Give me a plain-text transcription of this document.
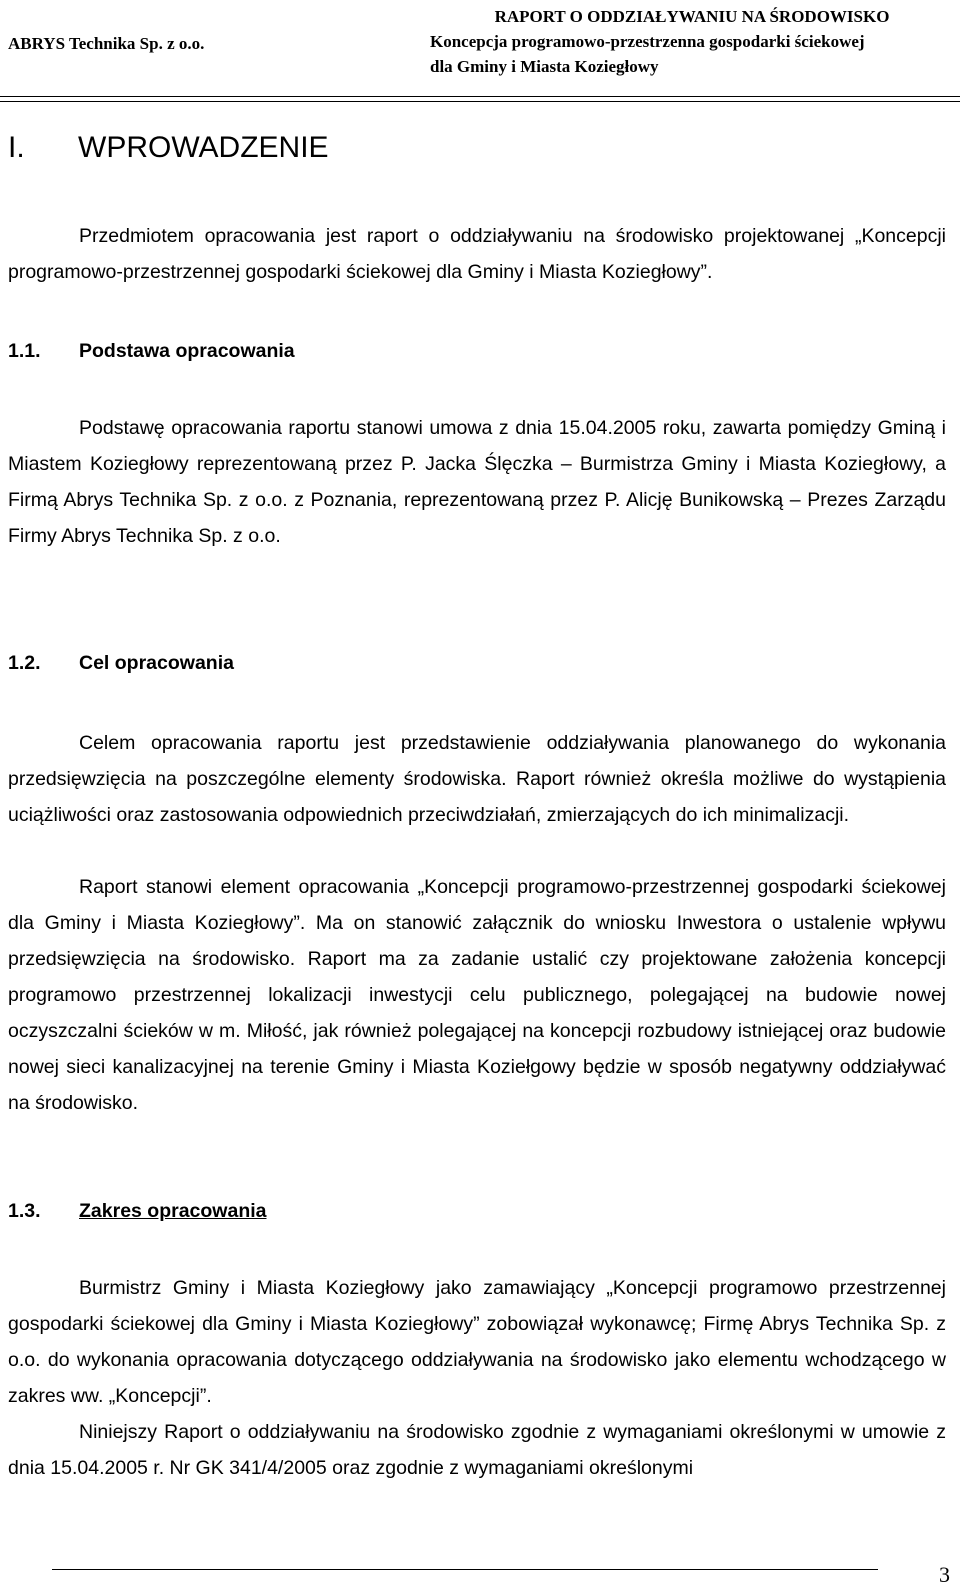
ABRYS Technika Sp. z o.o.
RAPORT O ODDZIAŁYWANIU NA ŚRODOWISKO
Koncepcja programowo-przestrzenna gospodarki ściekowej
dla Gminy i Miasta Koziegłowy
I. WPROWADZENIE

Przedmiotem opracowania jest raport o oddziaływaniu na środowisko projektowanej „Koncepcji programowo-przestrzennej gospodarki ściekowej dla Gminy i Miasta Koziegłowy”.

1.1. Podstawa opracowania

Podstawę opracowania raportu stanowi umowa z dnia 15.04.2005 roku, zawarta pomiędzy Gminą i Miastem Koziegłowy reprezentowaną przez P. Jacka Ślęczka – Burmistrza Gminy i Miasta Koziegłowy, a Firmą Abrys Technika Sp. z o.o. z Poznania, reprezentowaną przez P. Alicję Bunikowską – Prezes Zarządu Firmy Abrys Technika Sp. z o.o.

1.2. Cel opracowania

Celem opracowania raportu jest przedstawienie oddziaływania planowanego do wykonania przedsięwzięcia na poszczególne elementy środowiska. Raport również określa możliwe do wystąpienia uciążliwości oraz zastosowania odpowiednich przeciwdziałań, zmierzających do ich minimalizacji.

Raport stanowi element opracowania „Koncepcji programowo-przestrzennej gospodarki ściekowej dla Gminy i Miasta Koziegłowy”. Ma on stanowić załącznik do wniosku Inwestora o ustalenie wpływu przedsięwzięcia na środowisko. Raport ma za zadanie ustalić czy projektowane założenia koncepcji programowo przestrzennej lokalizacji inwestycji celu publicznego, polegającej na budowie nowej oczyszczalni ścieków w m. Miłość, jak również polegającej na koncepcji rozbudowy istniejącej oraz budowie nowej sieci kanalizacyjnej na terenie Gminy i Miasta Koziełgowy będzie w sposób negatywny oddziaływać na środowisko.

1.3. Zakres opracowania

Burmistrz Gminy i Miasta Koziegłowy jako zamawiający „Koncepcji programowo przestrzennej gospodarki ściekowej dla Gminy i Miasta Koziegłowy” zobowiązał wykonawcę; Firmę Abrys Technika Sp. z o.o. do wykonania opracowania dotyczącego oddziaływania na środowisko jako elementu wchodzącego w zakres ww. „Koncepcji”.

Niniejszy Raport o oddziaływaniu na środowisko zgodnie z wymaganiami określonymi w umowie z dnia 15.04.2005 r. Nr GK 341/4/2005 oraz zgodnie z wymaganiami określonymi

3
